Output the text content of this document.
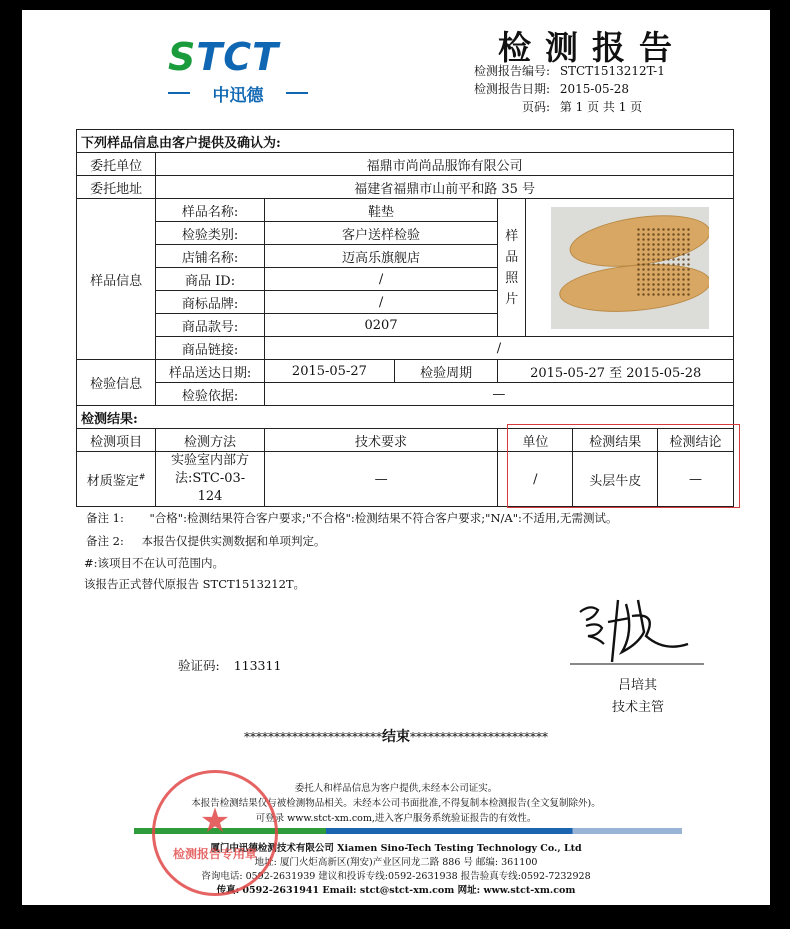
STCT
中迅德
检测报告
检测报告编号: STCT1513212T-1
检测报告日期: 2015-05-28
页码: 第 1 页 共 1 页
下列样品信息由客户提供及确认为:							
委托单位	福鼎市尚尚品服饰有限公司						
委托地址	福建省福鼎市山前平和路 35 号						
样品信息	样品名称:	鞋垫		样
品
照
片			

	检验类别:	客户送样检验					
	店铺名称:	迈高乐旗舰店					
	商品 ID:	/					
	商标品牌:	/					
	商品款号:	0207					
	商品链接:	/					
检验信息	样品送达日期:	2015-05-27	检验周期	2015-05-27 至 2015-05-28			
	检验依据:	—					
检测结果:							
检测项目	检测方法	技术要求		单位		检测结果	检测结论
材质鉴定#	实验室内部方法:STC-03-124	—		/		头层牛皮	—
备注 1: "合格":检测结果符合客户要求;"不合格":检测结果不符合客户要求;"N/A":不适用,无需测试。
备注 2: 本报告仅提供实测数据和单项判定。
#:该项目不在认可范围内。
该报告正式替代原报告 STCT1513212T。
验证码: 113311
吕培其
技术主管
***********************结束***********************
委托人和样品信息为客户提供,未经本公司证实。
本报告检测结果仅与被检测物品相关。未经本公司书面批准,不得复制本检测报告(全文复制除外)。
可登录 www.stct-xm.com,进入客户服务系统验证报告的有效性。
厦门中迅德检测技术有限公司 Xiamen Sino-Tech Testing Technology Co., Ltd
地址: 厦门火炬高新区(翔安)产业区同龙二路 886 号 邮编: 361100
咨询电话: 0592-2631939 建议和投诉专线:0592-2631938 报告验真专线:0592-7232928
传真: 0592-2631941 Email: stct@stct-xm.com 网址: www.stct-xm.com
★
检测报告专用章
